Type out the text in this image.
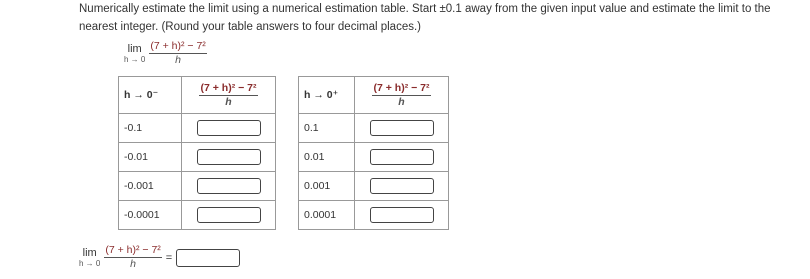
Numerically estimate the limit using a numerical estimation table. Start ±0.1 away from the given input value and estimate the limit to the nearest integer. (Round your table answers to four decimal places.)
lim
$h \to 0 \frac{\text{(7 + h)² − 7²}}{h}$
h → 0⁻	$\frac{\text{(7 + h)² − 7²}}{h}$

-0.1	
-0.01	
-0.001	
-0.0001	
h → 0⁺	$\frac{\text{(7 + h)² − 7²}}{h}$

0.1	
0.01	
0.001	
0.0001	
lim
$h \to 0 \frac{\text{(7 + h)² − 7²}}{h}$ =
